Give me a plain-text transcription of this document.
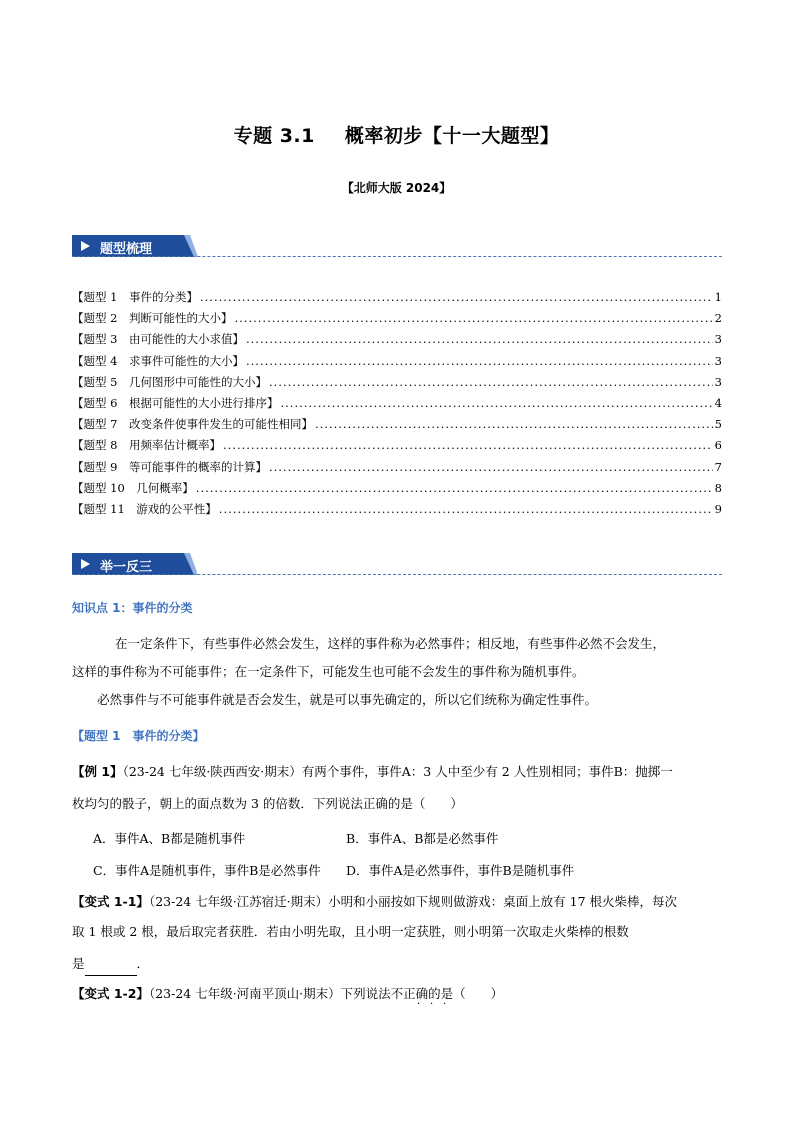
专题 3.1 概率初步【十一大题型】
【北师大版 2024】
题型梳理
【题型 1　事件的分类】 .....	1
【题型 2　判断可能性的大小】 .....	2
【题型 3　由可能性的大小求值】 .....	3
【题型 4　求事件可能性的大小】 .....	3
【题型 5　几何图形中可能性的大小】 .....	3
【题型 6　根据可能性的大小进行排序】 .....	4
【题型 7　改变条件使事件发生的可能性相同】 .....	5
【题型 8　用频率估计概率】 .....	6
【题型 9　等可能事件的概率的计算】 .....	7
【题型 10　几何概率】 .....	8
【题型 11　游戏的公平性】 .....	9
举一反三
知识点 1：事件的分类
在一定条件下，有些事件必然会发生，这样的事件称为必然事件；相反地，有些事件必然不会发生，
这样的事件称为不可能事件；在一定条件下，可能发生也可能不会发生的事件称为随机事件。
必然事件与不可能事件就是否会发生，就是可以事先确定的，所以它们统称为确定性事件。
【题型 1　事件的分类】
【例 1】（23-24 七年级·陕西西安·期末）有两个事件，事件A：3 人中至少有 2 人性别相同；事件B：抛掷一
枚均匀的骰子，朝上的面点数为 3 的倍数．下列说法正确的是（　　）
A．事件A、B都是随机事件	B．事件A、B都是必然事件
C．事件A是随机事件，事件B是必然事件 D．事件A是必然事件，事件B是随机事件
【变式 1-1】（23-24 七年级·江苏宿迁·期末）小明和小丽按如下规则做游戏：桌面上放有 17 根火柴棒，每次
取 1 根或 2 根，最后取完者获胜．若由小明先取，且小明一定获胜，则小明第一次取走火柴棒的根数
是	．
【变式 1-2】（23-24 七年级·河南平顶山·期末）下列说法不正确的是（　　）
· · ·
